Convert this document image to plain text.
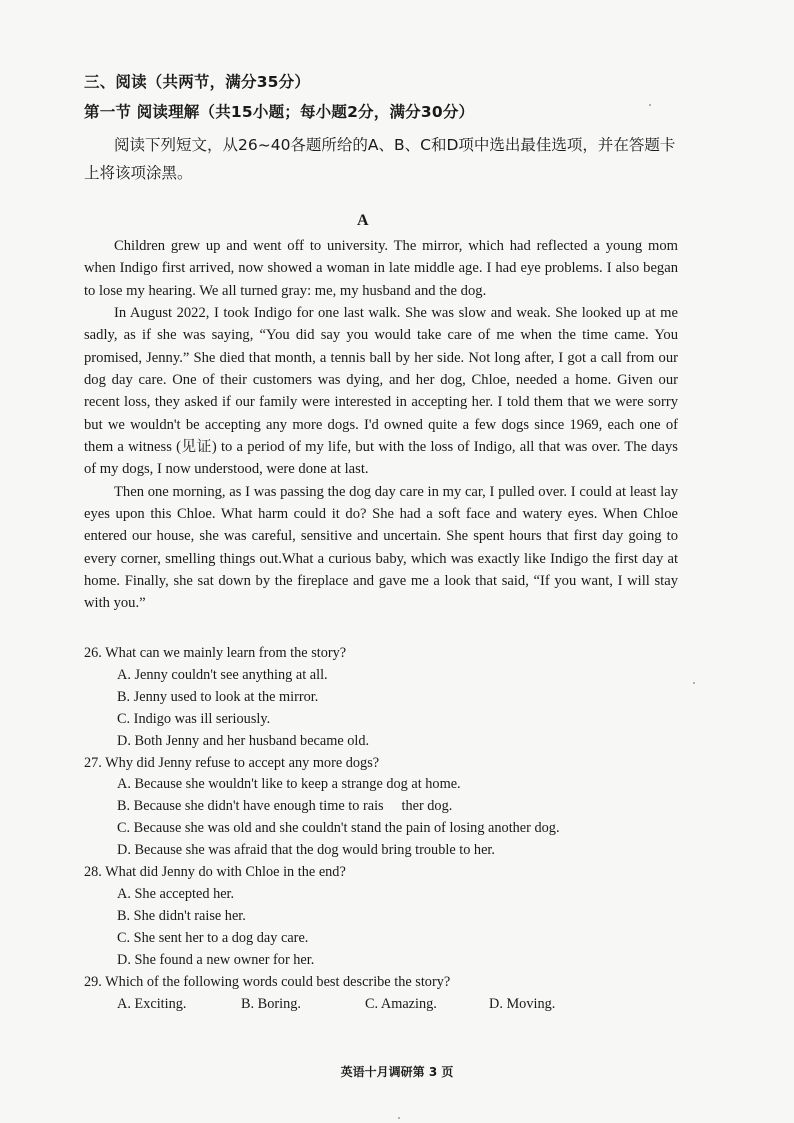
三、阅读（共两节，满分35分）
第一节 阅读理解（共15小题；每小题2分，满分30分）
阅读下列短文，从26~40各题所给的A、B、C和D项中选出最佳选项，并在答题卡上将该项涂黑。
A

Children grew up and went off to university. The mirror, which had reflected a young mom when Indigo first arrived, now showed a woman in late middle age. I had eye problems. I also began to lose my hearing. We all turned gray: me, my husband and the dog.

In August 2022, I took Indigo for one last walk. She was slow and weak. She looked up at me sadly, as if she was saying, “You did say you would take care of me when the time came. You promised, Jenny.” She died that month, a tennis ball by her side. Not long after, I got a call from our dog day care. One of their customers was dying, and her dog, Chloe, needed a home. Given our recent loss, they asked if our family were interested in accepting her. I told them that we were sorry but we wouldn't be accepting any more dogs. I'd owned quite a few dogs since 1969, each one of them a witness (见证) to a period of my life, but with the loss of Indigo, all that was over. The days of my dogs, I now understood, were done at last.

Then one morning, as I was passing the dog day care in my car, I pulled over. I could at least lay eyes upon this Chloe. What harm could it do? She had a soft face and watery eyes. When Chloe entered our house, she was careful, sensitive and uncertain. She spent hours that first day going to every corner, smelling things out.What a curious baby, which was exactly like Indigo the first day at home. Finally, she sat down by the fireplace and gave me a look that said, “If you want, I will stay with you.”

26. What can we mainly learn from the story?

A. Jenny couldn't see anything at all.

B. Jenny used to look at the mirror.

C. Indigo was ill seriously.

D. Both Jenny and her husband became old.

27. Why did Jenny refuse to accept any more dogs?

A. Because she wouldn't like to keep a strange dog at home.

B. Because she didn't have enough time to rais     ther dog.

C. Because she was old and she couldn't stand the pain of losing another dog.

D. Because she was afraid that the dog would bring trouble to her.

28. What did Jenny do with Chloe in the end?

A. She accepted her.

B. She didn't raise her.

C. She sent her to a dog day care.

D. She found a new owner for her.

29. Which of the following words could best describe the story?

A. Exciting.	B. Boring.	C. Amazing.	D. Moving.
英语十月调研第 3 页
